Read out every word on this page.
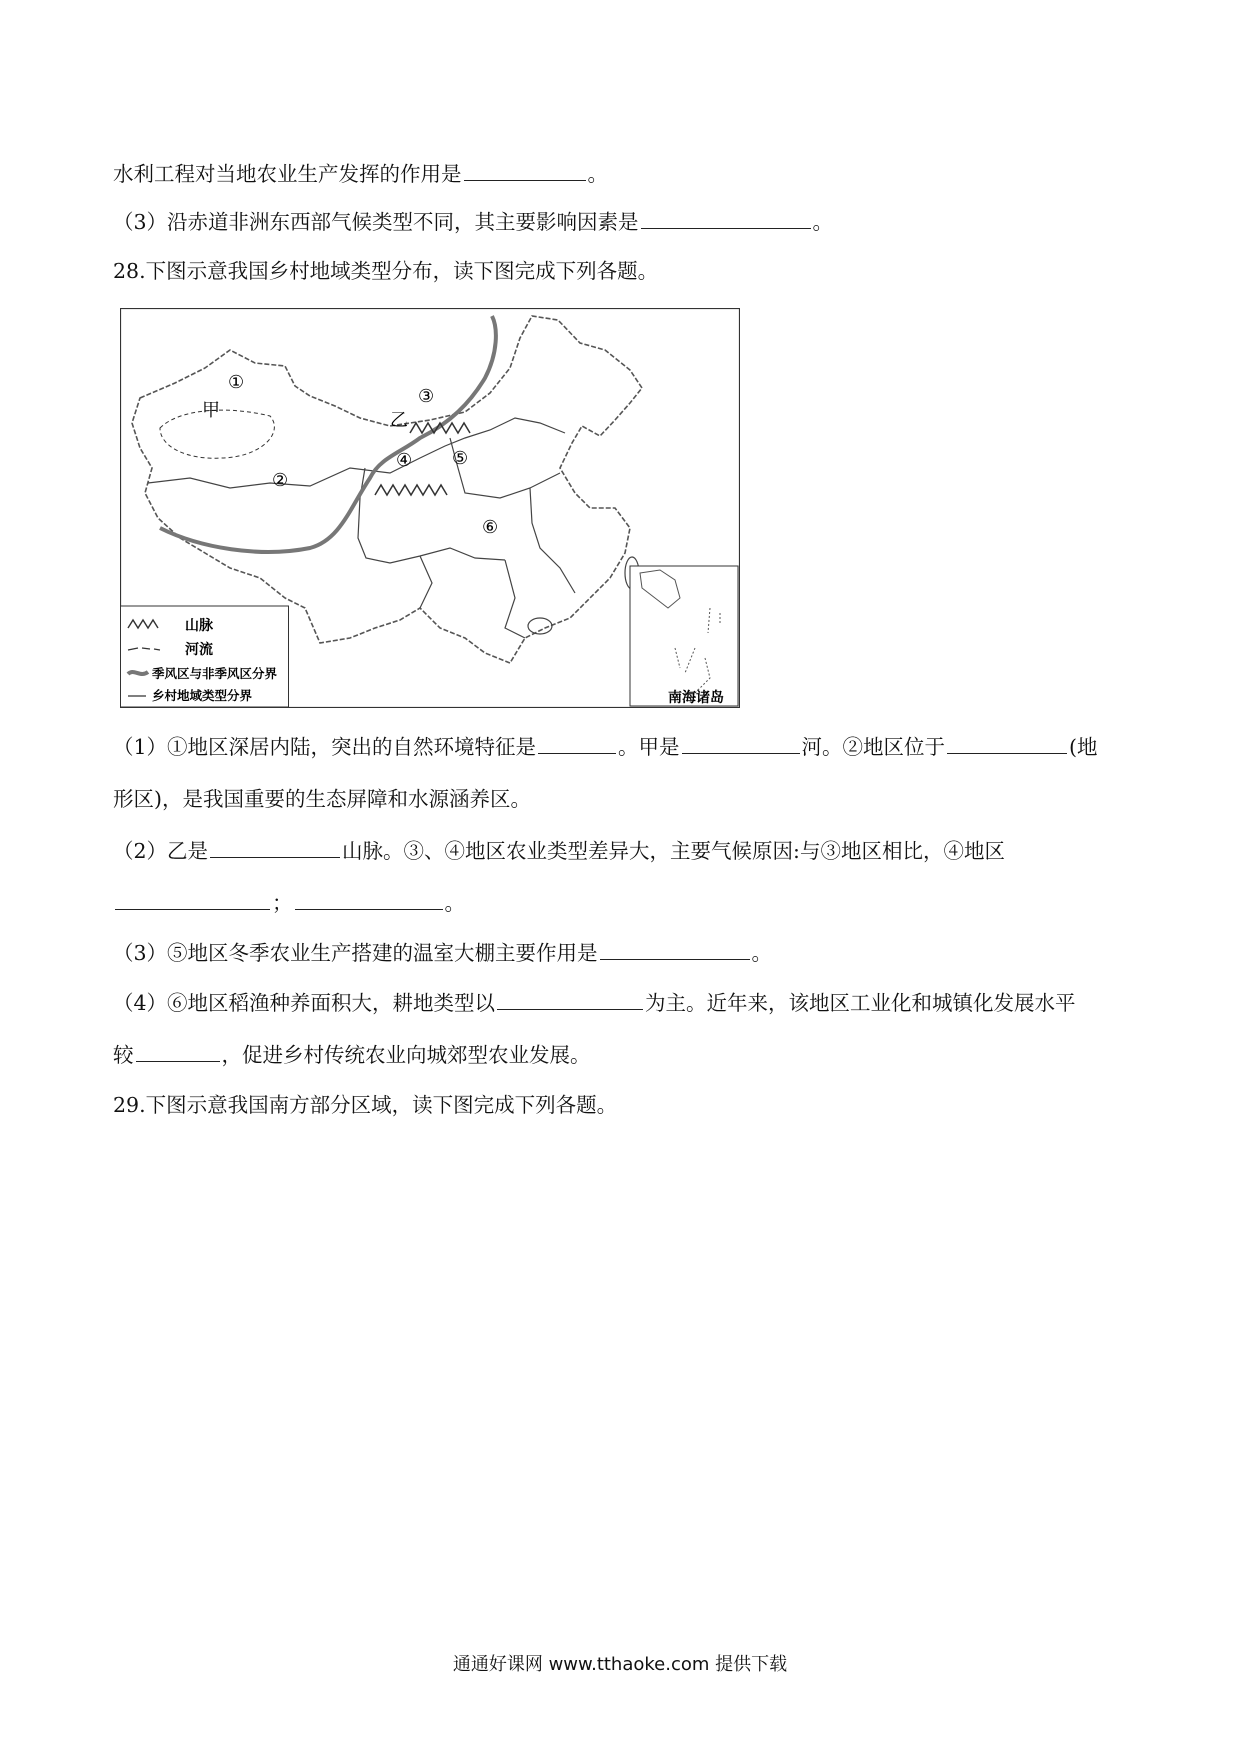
水利工程对当地农业生产发挥的作用是	。
（3）沿赤道非洲东西部气候类型不同，其主要影响因素是	。
28.下图示意我国乡村地域类型分布，读下图完成下列各题。
①
甲
②
③
乙
④ ⑤
⑥
南海诸岛
山脉
河流
季风区与非季风区分界
乡村地域类型分界
（1）①地区深居内陆，突出的自然环境特征是	。甲是	河。②地区位于	(地
形区)，是我国重要的生态屏障和水源涵养区。
（2）乙是	山脉。③、④地区农业类型差异大，主要气候原因:与③地区相比，④地区
；	。
（3）⑤地区冬季农业生产搭建的温室大棚主要作用是	。
（4）⑥地区稻渔种养面积大，耕地类型以	为主。近年来，该地区工业化和城镇化发展水平
较	，促进乡村传统农业向城郊型农业发展。
29.下图示意我国南方部分区域，读下图完成下列各题。
通通好课网 www.tthaoke.com 提供下载
